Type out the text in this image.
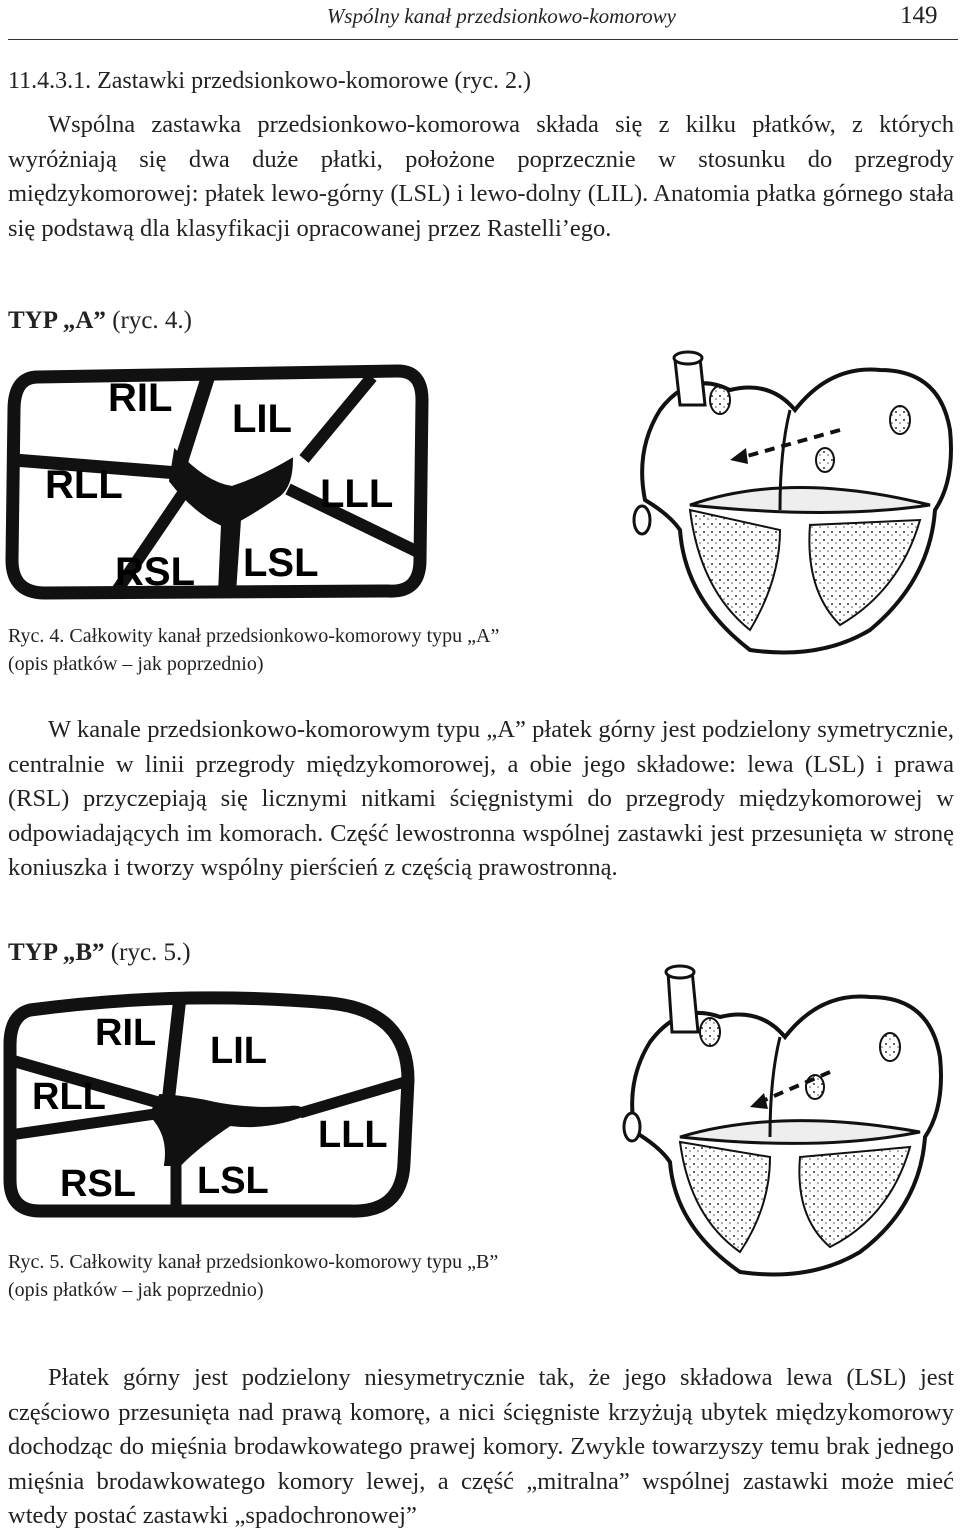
Wspólny kanał przedsionkowo-komorowy	149
11.4.3.1. Zastawki przedsionkowo-komorowe (ryc. 2.)

Wspólna zastawka przedsionkowo-komorowa składa się z kilku płatków, z których wyróżniają się dwa duże płatki, położone poprzecznie w stosunku do przegrody międzykomorowej: płatek lewo-górny (LSL) i lewo-dolny (LIL). Anatomia płatka górnego stała się podstawą dla klasyfikacji opracowanej przez Rastelli’ego.

TYP „A” (ryc. 4.)
RIL LIL
RLL	LLL
RSL LSL
Ryc. 4. Całkowity kanał przedsionkowo-komorowy typu „A”
(opis płatków – jak poprzednio)

W kanale przedsionkowo-komorowym typu „A” płatek górny jest podzielony symetrycznie, centralnie w linii przegrody międzykomorowej, a obie jego składowe: lewa (LSL) i prawa (RSL) przyczepiają się licznymi nitkami ścięgnistymi do przegrody międzykomorowej w odpowiadających im komorach. Część lewostronna wspólnej zastawki jest przesunięta w stronę koniuszka i tworzy wspólny pierścień z częścią prawostronną.

TYP „B” (ryc. 5.)
RIL LIL
RLL
LLL
RSL LSL
Ryc. 5. Całkowity kanał przedsionkowo-komorowy typu „B”
(opis płatków – jak poprzednio)

Płatek górny jest podzielony niesymetrycznie tak, że jego składowa lewa (LSL) jest częściowo przesunięta nad prawą komorę, a nici ścięgniste krzyżują ubytek międzykomorowy dochodząc do mięśnia brodawkowatego prawej komory. Zwykle towarzyszy temu brak jednego mięśnia brodawkowatego komory lewej, a część „mitralna” wspólnej zastawki może mieć wtedy postać zastawki „spadochronowej”
